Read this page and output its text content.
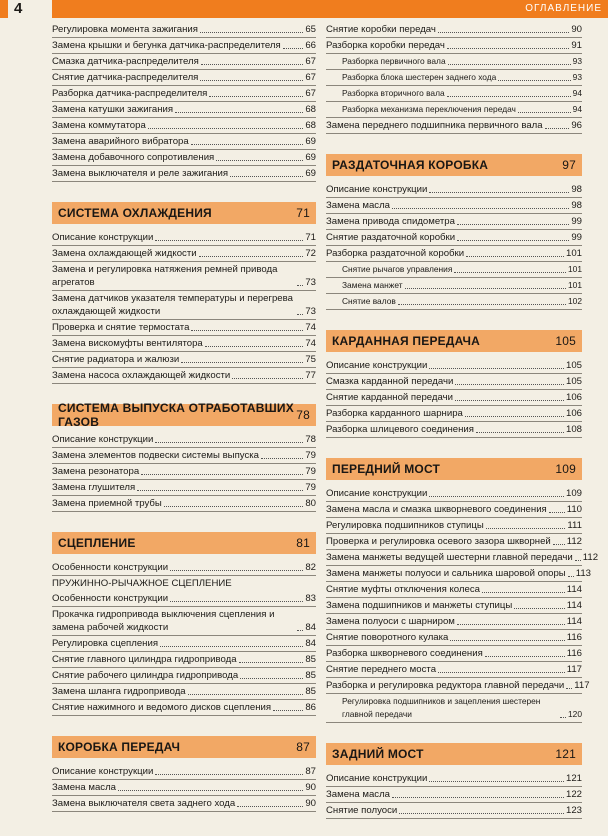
4	ОГЛАВЛЕНИЕ
Регулировка момента зажигания	65
Замена крышки и бегунка датчика-распределителя	66
Смазка датчика-распределителя	67
Снятие датчика-распределителя	67
Разборка датчика-распределителя	67
Замена катушки зажигания	68
Замена коммутатора	68
Замена аварийного вибратора	69
Замена добавочного сопротивления	69
Замена выключателя и реле зажигания	69
СИСТЕМА ОХЛАЖДЕНИЯ	71
Описание конструкции	71
Замена охлаждающей жидкости	72
Замена и регулировка натяжения ремней привода агрегатов	73
Замена датчиков указателя температуры и перегрева охлаждающей жидкости	73
Проверка и снятие термостата	74
Замена вискомуфты вентилятора	74
Снятие радиатора и жалюзи	75
Замена насоса охлаждающей жидкости	77
СИСТЕМА ВЫПУСКА ОТРАБОТАВШИХ ГАЗОВ	78
Описание конструкции	78
Замена элементов подвески системы выпуска	79
Замена резонатора	79
Замена глушителя	79
Замена приемной трубы	80
СЦЕПЛЕНИЕ	81
Особенности конструкции	82
ПРУЖИННО-РЫЧАЖНОЕ СЦЕПЛЕНИЕ
Особенности конструкции	83
Прокачка гидропривода выключения сцепления и замена рабочей жидкости	84
Регулировка сцепления	84
Снятие главного цилиндра гидропривода	85
Снятие рабочего цилиндра гидропривода	85
Замена шланга гидропривода	85
Снятие нажимного и ведомого дисков сцепления	86
КОРОБКА ПЕРЕДАЧ	87
Описание конструкции	87
Замена масла	90
Замена выключателя света заднего хода	90
Снятие коробки передач	90
Разборка коробки передач	91
Разборка первичного вала	93
Разборка блока шестерен заднего хода	93
Разборка вторичного вала	94
Разборка механизма переключения передач	94
Замена переднего подшипника первичного вала	96
РАЗДАТОЧНАЯ КОРОБКА	97
Описание конструкции	98
Замена масла	98
Замена привода спидометра	99
Снятие раздаточной коробки	99
Разборка раздаточной коробки	101
Снятие рычагов управления	101
Замена манжет	101
Снятие валов	102
КАРДАННАЯ ПЕРЕДАЧА	105
Описание конструкции	105
Смазка карданной передачи	105
Снятие карданной передачи	106
Разборка карданного шарнира	106
Разборка шлицевого соединения	108
ПЕРЕДНИЙ МОСТ	109
Описание конструкции	109
Замена масла и смазка шкворневого соединения 110
Регулировка подшипников ступицы	111
Проверка и регулировка осевого зазора шкворней 112
Замена манжеты ведущей шестерни главной передачи 112
Замена манжеты полуоси и сальника шаровой опоры 113
Снятие муфты отключения колеса	114
Замена подшипников и манжеты ступицы	114
Замена полуоси с шарниром	114
Снятие поворотного кулака	116
Разборка шкворневого соединения	116
Снятие переднего моста	117
Разборка и регулировка редуктора главной передачи 117
Регулировка подшипников и зацепления шестерен главной передачи	120
ЗАДНИЙ МОСТ	121
Описание конструкции	121
Замена масла	122
Снятие полуоси	123
